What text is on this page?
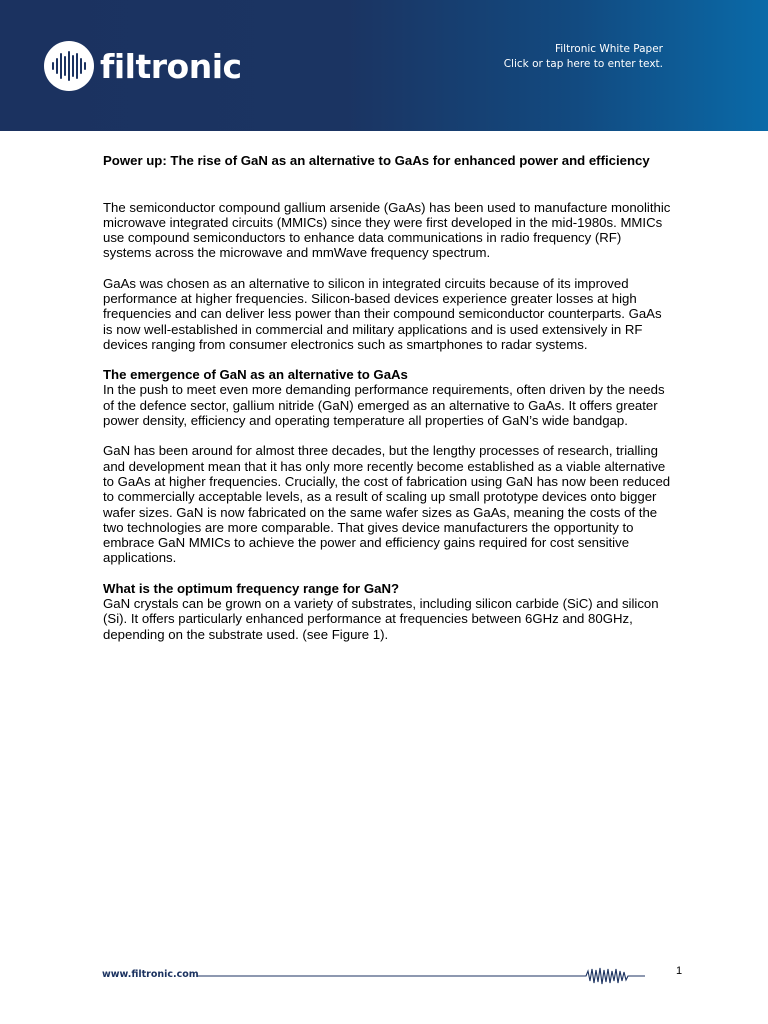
filtronic	Filtronic White Paper
Click or tap here to enter text.

Power up: The rise of GaN as an alternative to GaAs for enhanced power and efficiency

The semiconductor compound gallium arsenide (GaAs) has been used to manufacture monolithic microwave integrated circuits (MMICs) since they were first developed in the mid-1980s. MMICs use compound semiconductors to enhance data communications in radio frequency (RF) systems across the microwave and mmWave frequency spectrum.

GaAs was chosen as an alternative to silicon in integrated circuits because of its improved performance at higher frequencies. Silicon-based devices experience greater losses at high frequencies and can deliver less power than their compound semiconductor counterparts. GaAs is now well-established in commercial and military applications and is used extensively in RF devices ranging from consumer electronics such as smartphones to radar systems.

The emergence of GaN as an alternative to GaAs

In the push to meet even more demanding performance requirements, often driven by the needs of the defence sector, gallium nitride (GaN) emerged as an alternative to GaAs. It offers greater power density, efficiency and operating temperature all properties of GaN’s wide bandgap.

GaN has been around for almost three decades, but the lengthy processes of research, trialling and development mean that it has only more recently become established as a viable alternative to GaAs at higher frequencies. Crucially, the cost of fabrication using GaN has now been reduced to commercially acceptable levels, as a result of scaling up small prototype devices onto bigger wafer sizes. GaN is now fabricated on the same wafer sizes as GaAs, meaning the costs of the two technologies are more comparable. That gives device manufacturers the opportunity to embrace GaN MMICs to achieve the power and efficiency gains required for cost sensitive applications.

What is the optimum frequency range for GaN?

GaN crystals can be grown on a variety of substrates, including silicon carbide (SiC) and silicon (Si). It offers particularly enhanced performance at frequencies between 6GHz and 80GHz, depending on the substrate used. (see Figure 1).

www.filtronic.com	1
